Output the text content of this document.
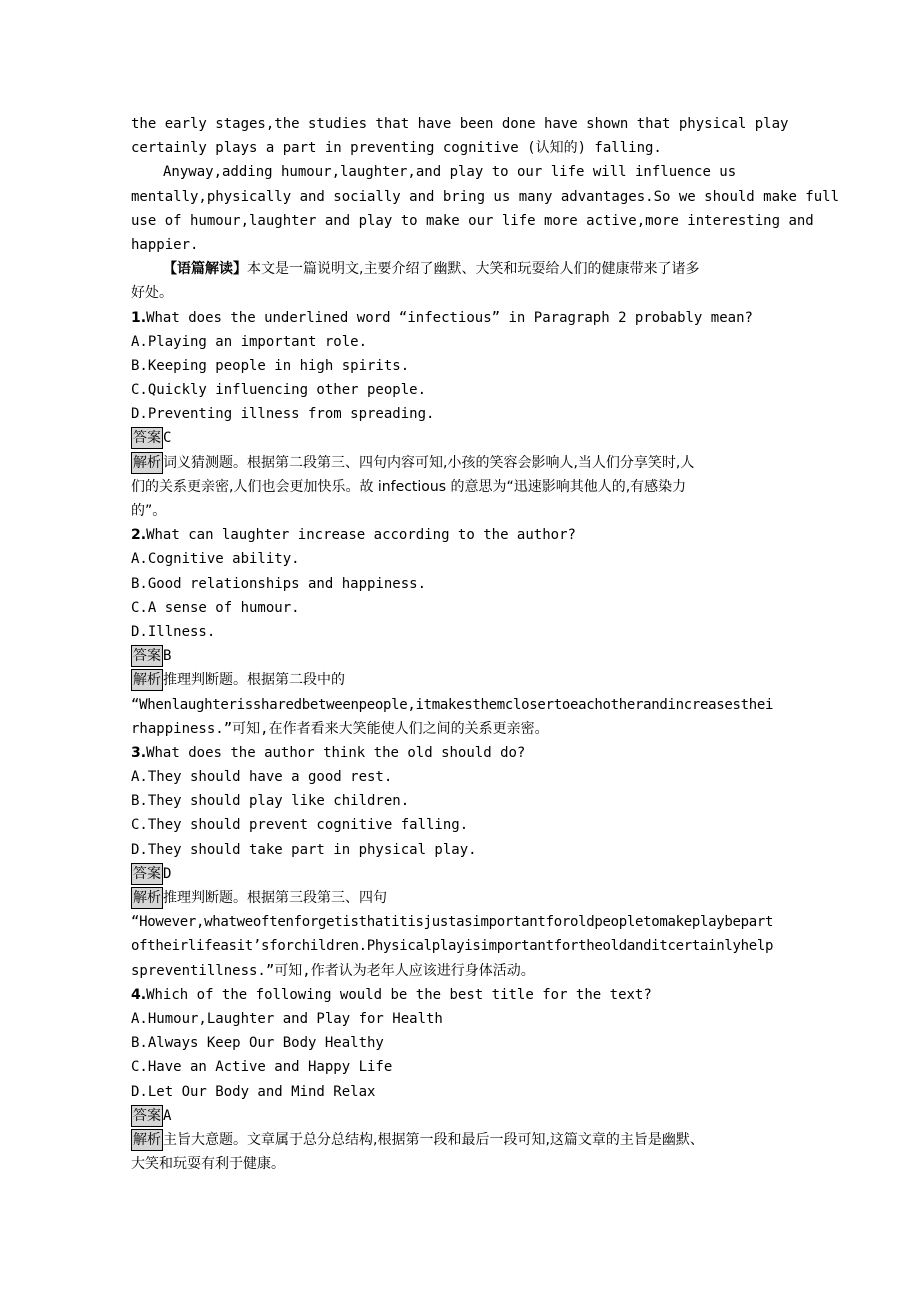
the early stages,the studies that have been done have shown that physical play
certainly plays a part in preventing cognitive (认知的) falling.
Anyway,adding humour,laughter,and play to our life will influence us
mentally,physically and socially and bring us many advantages.So we should make full
use of humour,laughter and play to make our life more active,more interesting and
happier.
【语篇解读】本文是一篇说明文,主要介绍了幽默、大笑和玩耍给人们的健康带来了诸多
好处。
1.What does the underlined word “infectious” in Paragraph 2 probably mean?
A.Playing an important role.
B.Keeping people in high spirits.
C.Quickly influencing other people.
D.Preventing illness from spreading.
答案 C
解析 词义猜测题。根据第二段第三、四句内容可知,小孩的笑容会影响人,当人们分享笑时,人
们的关系更亲密,人们也会更加快乐。故 infectious 的意思为“迅速影响其他人的,有感染力
的”。
2.What can laughter increase according to the author?
A.Cognitive ability.
B.Good relationships and happiness.
C.A sense of humour.
D.Illness.
答案 B
解析 推理判断题。根据第二段中的
“Whenlaughterissharedbetweenpeople,itmakesthemclosertoeachotherandincreasesthei
rhappiness.”可知,在作者看来大笑能使人们之间的关系更亲密。
3.What does the author think the old should do?
A.They should have a good rest.
B.They should play like children.
C.They should prevent cognitive falling.
D.They should take part in physical play.
答案 D
解析 推理判断题。根据第三段第三、四句
“However,whatweoftenforgetisthatitisjustasimportantforoldpeopletomakeplaybepart
oftheirlifeasit’sforchildren.Physicalplayisimportantfortheoldanditcertainlyhelp
spreventillness.”可知,作者认为老年人应该进行身体活动。
4.Which of the following would be the best title for the text?
A.Humour,Laughter and Play for Health
B.Always Keep Our Body Healthy
C.Have an Active and Happy Life
D.Let Our Body and Mind Relax
答案 A
解析 主旨大意题。文章属于总分总结构,根据第一段和最后一段可知,这篇文章的主旨是幽默、
大笑和玩耍有利于健康。
